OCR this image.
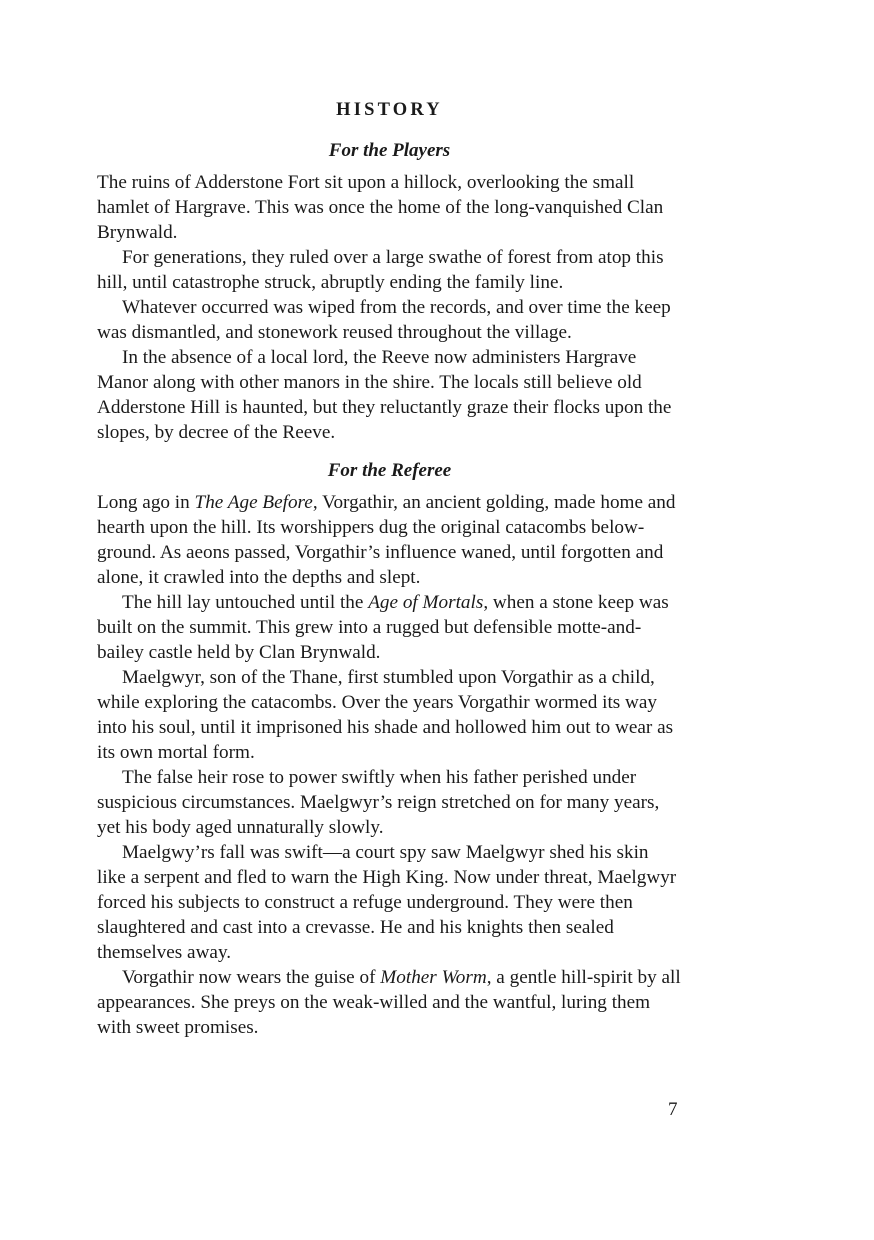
HISTORY
For the Players

The ruins of Adderstone Fort sit upon a hillock, overlooking the small hamlet of Hargrave. This was once the home of the long-vanquished Clan Brynwald.

For generations, they ruled over a large swathe of forest from atop this hill, until catastrophe struck, abruptly ending the family line.

Whatever occurred was wiped from the records, and over time the keep was dismantled, and stonework reused throughout the village.

In the absence of a local lord, the Reeve now administers Hargrave Manor along with other manors in the shire. The locals still believe old Adderstone Hill is haunted, but they reluctantly graze their flocks upon the slopes, by decree of the Reeve.

For the Referee

Long ago in The Age Before, Vorgathir, an ancient golding, made home and hearth upon the hill. Its worshippers dug the original catacombs below-ground. As aeons passed, Vorgathir’s influence waned, until forgotten and alone, it crawled into the depths and slept.

The hill lay untouched until the Age of Mortals, when a stone keep was built on the summit. This grew into a rugged but defensible motte-and-bailey castle held by Clan Brynwald.

Maelgwyr, son of the Thane, first stumbled upon Vorgathir as a child, while exploring the catacombs. Over the years Vorgathir wormed its way into his soul, until it imprisoned his shade and hollowed him out to wear as its own mortal form.

The false heir rose to power swiftly when his father perished under suspicious circumstances. Maelgwyr’s reign stretched on for many years, yet his body aged unnaturally slowly.

Maelgwy’rs fall was swift—a court spy saw Maelgwyr shed his skin like a serpent and fled to warn the High King. Now under threat, Maelgwyr forced his subjects to construct a refuge underground. They were then slaughtered and cast into a crevasse. He and his knights then sealed themselves away.

Vorgathir now wears the guise of Mother Worm, a gentle hill-spirit by all appearances. She preys on the weak-willed and the wantful, luring them with sweet promises.

7
